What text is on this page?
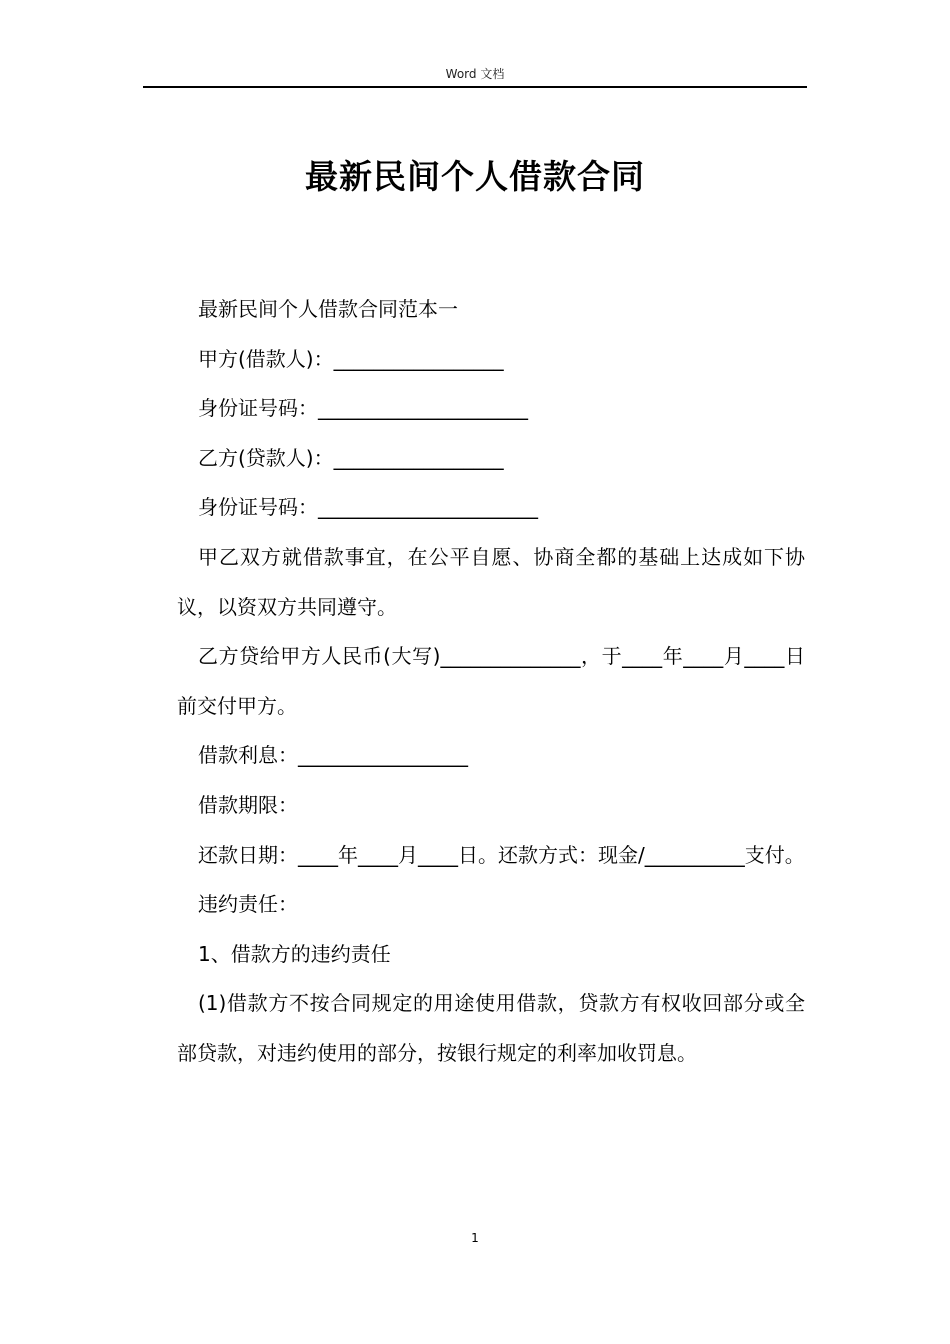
Word 文档
最新民间个人借款合同

最新民间个人借款合同范本一

甲方(借款人)：_________________

身份证号码：_____________________

乙方(贷款人)：_________________

身份证号码：______________________

甲乙双方就借款事宜，在公平自愿、协商全都的基础上达成如下协议，以资双方共同遵守。

乙方贷给甲方人民币(大写)______________，于____年____月____日前交付甲方。

借款利息：_________________

借款期限：

还款日期：____年____月____日。还款方式：现金/__________支付。

违约责任：

1、借款方的违约责任

(1)借款方不按合同规定的用途使用借款，贷款方有权收回部分或全部贷款，对违约使用的部分，按银行规定的利率加收罚息。

1
